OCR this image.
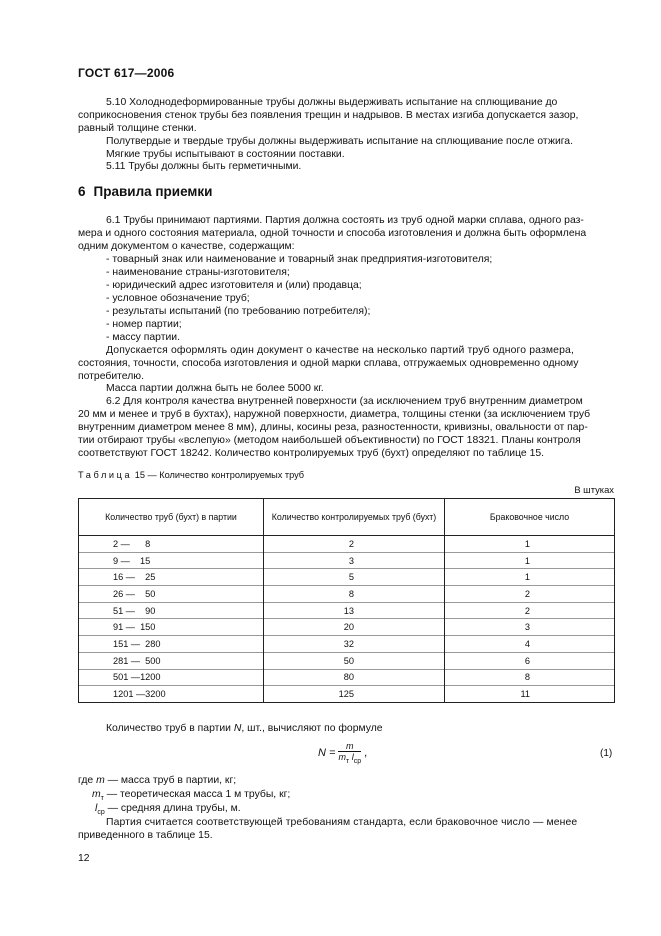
ГОСТ 617—2006
5.10 Холоднодеформированные трубы должны выдерживать испытание на сплющивание до
соприкосновения стенок трубы без появления трещин и надрывов. В местах изгиба допускается зазор,
равный толщине стенки.
Полутвердые и твердые трубы должны выдерживать испытание на сплющивание после отжига.
Мягкие трубы испытывают в состоянии поставки.
5.11 Трубы должны быть герметичными.
6 Правила приемки
6.1 Трубы принимают партиями. Партия должна состоять из труб одной марки сплава, одного раз-
мера и одного состояния материала, одной точности и способа изготовления и должна быть оформлена
одним документом о качестве, содержащим:
- товарный знак или наименование и товарный знак предприятия-изготовителя;
- наименование страны-изготовителя;
- юридический адрес изготовителя и (или) продавца;
- условное обозначение труб;
- результаты испытаний (по требованию потребителя);
- номер партии;
- массу партии.
Допускается оформлять один документ о качестве на несколько партий труб одного размера,
состояния, точности, способа изготовления и одной марки сплава, отгружаемых одновременно одному
потребителю.
Масса партии должна быть не более 5000 кг.
6.2 Для контроля качества внутренней поверхности (за исключением труб внутренним диаметром
20 мм и менее и труб в бухтах), наружной поверхности, диаметра, толщины стенки (за исключением труб
внутренним диаметром менее 8 мм), длины, косины реза, разностенности, кривизны, овальности от пар-
тии отбирают трубы «вслепую» (методом наибольшей объективности) по ГОСТ 18321. Планы контроля
соответствуют ГОСТ 18242. Количество контролируемых труб (бухт) определяют по таблице 15.
Таблица 15 — Количество контролируемых труб
В штуках
Количество труб (бухт) в партии	Количество контролируемых труб (бухт)	Браковочное число
2 —      8	2	1
9 —    15	3	1
16 —    25	5	1
26 —    50	8	2
51 —    90	13	2
91 —  150	20	3
151 —  280	32	4
281 —  500	50	6
501 —1200	80	8
1201 —3200	125	11
Количество труб в партии N, шт., вычисляют по формуле
$N = \frac{m}{m_т l_{ср}}$ ,	(1)
где m — масса труб в партии, кг;
$m_т$ — теоретическая масса 1 м трубы, кг;
$l_{ср}$ — средняя длина трубы, м.
Партия считается соответствующей требованиям стандарта, если браковочное число — менее
приведенного в таблице 15.
12
